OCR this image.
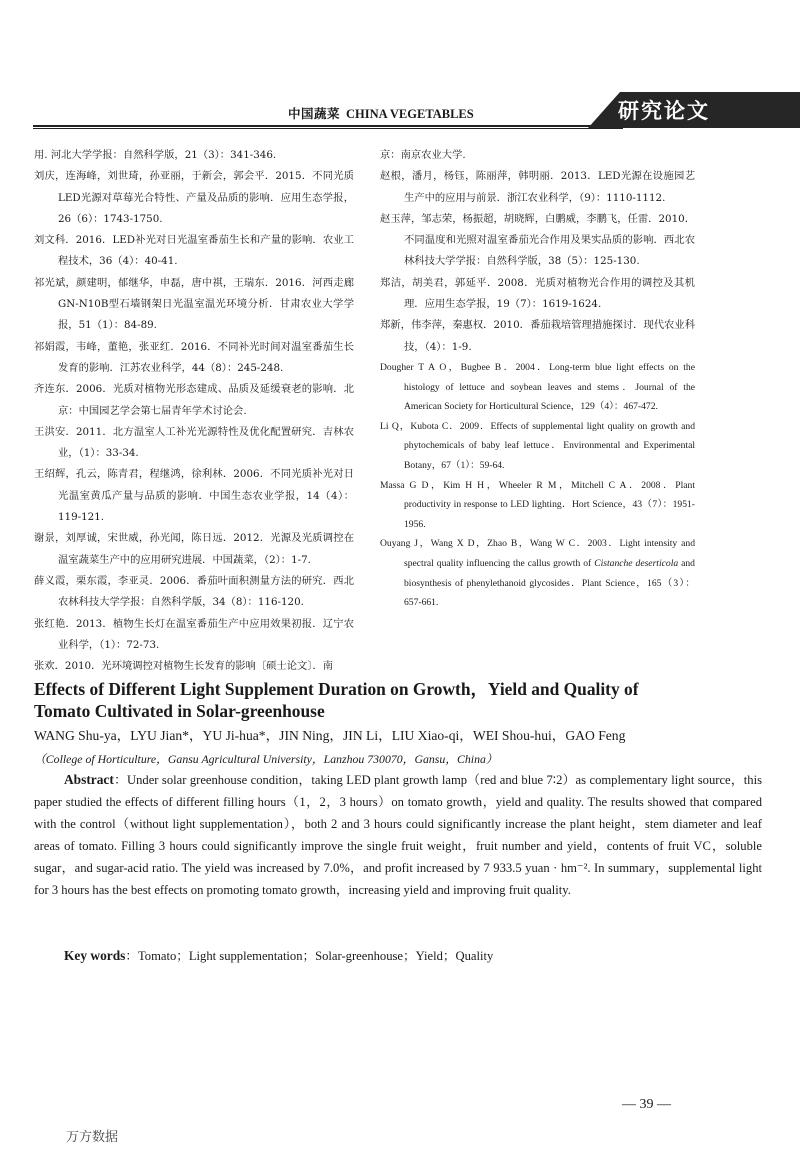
中国蔬菜 CHINA VEGETABLES	研究论文

用. 河北大学学报：自然科学版，21（3）：341-346.

刘庆，连海峰，刘世琦，孙亚丽，于新会，郭会平．2015．不同光质LED光源对草莓光合特性、产量及品质的影响．应用生态学报，26（6）：1743-1750.

刘文科．2016．LED补光对日光温室番茄生长和产量的影响．农业工程技术，36（4）：40-41.

祁光斌，颜建明，郁继华，申磊，唐中祺，王瑞东．2016．河西走廊GN-N10B型石墙钢架日光温室温光环境分析．甘肃农业大学学报，51（1）：84-89.

祁娟霞，韦峰，董艳，张亚红．2016．不同补光时间对温室番茄生长发育的影响．江苏农业科学，44（8）：245-248.

齐连东．2006．光质对植物光形态建成、品质及延缓衰老的影响．北京：中国园艺学会第七届青年学术讨论会.

王洪安．2011．北方温室人工补光光源特性及优化配置研究．吉林农业，（1）：33-34.

王绍辉，孔云，陈青君，程继鸿，徐利林．2006．不同光质补光对日光温室黄瓜产量与品质的影响．中国生态农业学报，14（4）：119-121.

谢景，刘厚诚，宋世威，孙光闻，陈日远．2012．光源及光质调控在温室蔬菜生产中的应用研究进展．中国蔬菜，（2）：1-7.

薛义霞，栗东霞，李亚灵．2006．番茄叶面积测量方法的研究．西北农林科技大学学报：自然科学版，34（8）：116-120.

张红艳．2013．植物生长灯在温室番茄生产中应用效果初报．辽宁农业科学，（1）：72-73.

张欢．2010．光环境调控对植物生长发育的影响〔硕士论文〕．南

京：南京农业大学.

赵根，潘月，杨钰，陈丽萍，韩明丽．2013．LED光源在设施园艺生产中的应用与前景．浙江农业科学，（9）：1110-1112.

赵玉萍，邹志荣，杨振超，胡晓辉，白鹏威，李鹏飞，任雷．2010．不同温度和光照对温室番茄光合作用及果实品质的影响．西北农林科技大学学报：自然科学版，38（5）：125-130.

郑洁，胡美君，郭延平．2008．光质对植物光合作用的调控及其机理．应用生态学报，19（7）：1619-1624.

郑新，伟李萍，秦惠权．2010．番茄栽培管理措施探讨．现代农业科技，（4）：1-9.

Dougher T A O，Bugbee B．2004．Long-term blue light effects on the histology of lettuce and soybean leaves and stems．Journal of the American Society for Horticultural Science，129（4）：467-472.

Li Q，Kubota C．2009．Effects of supplemental light quality on growth and phytochemicals of baby leaf lettuce．Environmental and Experimental Botany，67（1）：59-64.

Massa G D，Kim H H，Wheeler R M，Mitchell C A．2008．Plant productivity in response to LED lighting．Hort Science，43（7）：1951-1956.

Ouyang J，Wang X D，Zhao B，Wang W C．2003．Light intensity and spectral quality influencing the callus growth of Cistanche deserticola and biosynthesis of phenylethanoid glycosides．Plant Science，165（3）：657-661.

Effects of Different Light Supplement Duration on Growth，Yield and Quality of
Tomato Cultivated in Solar-greenhouse
WANG Shu-ya，LYU Jian*，YU Ji-hua*，JIN Ning，JIN Li，LIU Xiao-qi，WEI Shou-hui，GAO Feng
（College of Horticulture，Gansu Agricultural University，Lanzhou 730070，Gansu，China）

Abstract：Under solar greenhouse condition，taking LED plant growth lamp（red and blue 7∶2）as complementary light source，this paper studied the effects of different filling hours（1，2，3 hours）on tomato growth，yield and quality. The results showed that compared with the control（without light supplementation），both 2 and 3 hours could significantly increase the plant height，stem diameter and leaf areas of tomato. Filling 3 hours could significantly improve the single fruit weight，fruit number and yield，contents of fruit VC，soluble sugar，and sugar-acid ratio. The yield was increased by 7.0%，and profit increased by 7 933.5 yuan · hm⁻². In summary，supplemental light for 3 hours has the best effects on promoting tomato growth，increasing yield and improving fruit quality.

Key words：Tomato；Light supplementation；Solar-greenhouse；Yield；Quality
— 39 —
万方数据
